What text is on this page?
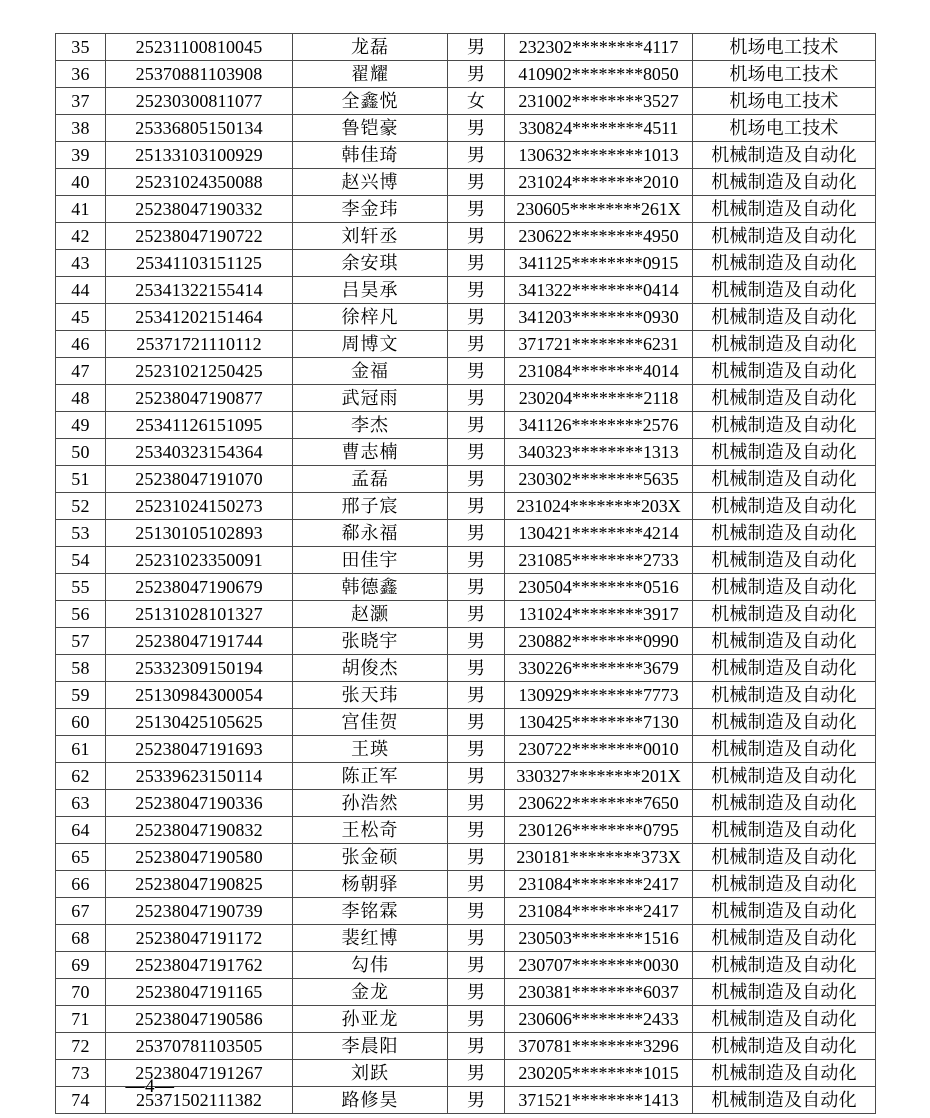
35	25231100810045	龙磊	男	232302********4117	机场电工技术
36	25370881103908	翟耀	男	410902********8050	机场电工技术
37	25230300811077	全鑫悦	女	231002********3527	机场电工技术
38	25336805150134	鲁铠豪	男	330824********4511	机场电工技术
39	25133103100929	韩佳琦	男	130632********1013	机械制造及自动化
40	25231024350088	赵兴博	男	231024********2010	机械制造及自动化
41	25238047190332	李金玮	男	230605********261X	机械制造及自动化
42	25238047190722	刘轩丞	男	230622********4950	机械制造及自动化
43	25341103151125	余安琪	男	341125********0915	机械制造及自动化
44	25341322155414	吕昊承	男	341322********0414	机械制造及自动化
45	25341202151464	徐梓凡	男	341203********0930	机械制造及自动化
46	25371721110112	周博文	男	371721********6231	机械制造及自动化
47	25231021250425	金福	男	231084********4014	机械制造及自动化
48	25238047190877	武冠雨	男	230204********2118	机械制造及自动化
49	25341126151095	李杰	男	341126********2576	机械制造及自动化
50	25340323154364	曹志楠	男	340323********1313	机械制造及自动化
51	25238047191070	孟磊	男	230302********5635	机械制造及自动化
52	25231024150273	邢子宸	男	231024********203X	机械制造及自动化
53	25130105102893	郗永福	男	130421********4214	机械制造及自动化
54	25231023350091	田佳宇	男	231085********2733	机械制造及自动化
55	25238047190679	韩德鑫	男	230504********0516	机械制造及自动化
56	25131028101327	赵灏	男	131024********3917	机械制造及自动化
57	25238047191744	张晓宇	男	230882********0990	机械制造及自动化
58	25332309150194	胡俊杰	男	330226********3679	机械制造及自动化
59	25130984300054	张天玮	男	130929********7773	机械制造及自动化
60	25130425105625	宫佳贺	男	130425********7130	机械制造及自动化
61	25238047191693	王瑛	男	230722********0010	机械制造及自动化
62	25339623150114	陈正军	男	330327********201X	机械制造及自动化
63	25238047190336	孙浩然	男	230622********7650	机械制造及自动化
64	25238047190832	王松奇	男	230126********0795	机械制造及自动化
65	25238047190580	张金硕	男	230181********373X	机械制造及自动化
66	25238047190825	杨朝驿	男	231084********2417	机械制造及自动化
67	25238047190739	李铭霖	男	231084********2417	机械制造及自动化
68	25238047191172	裴红博	男	230503********1516	机械制造及自动化
69	25238047191762	勾伟	男	230707********0030	机械制造及自动化
70	25238047191165	金龙	男	230381********6037	机械制造及自动化
71	25238047190586	孙亚龙	男	230606********2433	机械制造及自动化
72	25370781103505	李晨阳	男	370781********3296	机械制造及自动化
73	25238047191267	刘跃	男	230205********1015	机械制造及自动化
74	25371502111382	路修昊	男	371521********1413	机械制造及自动化
—4—
